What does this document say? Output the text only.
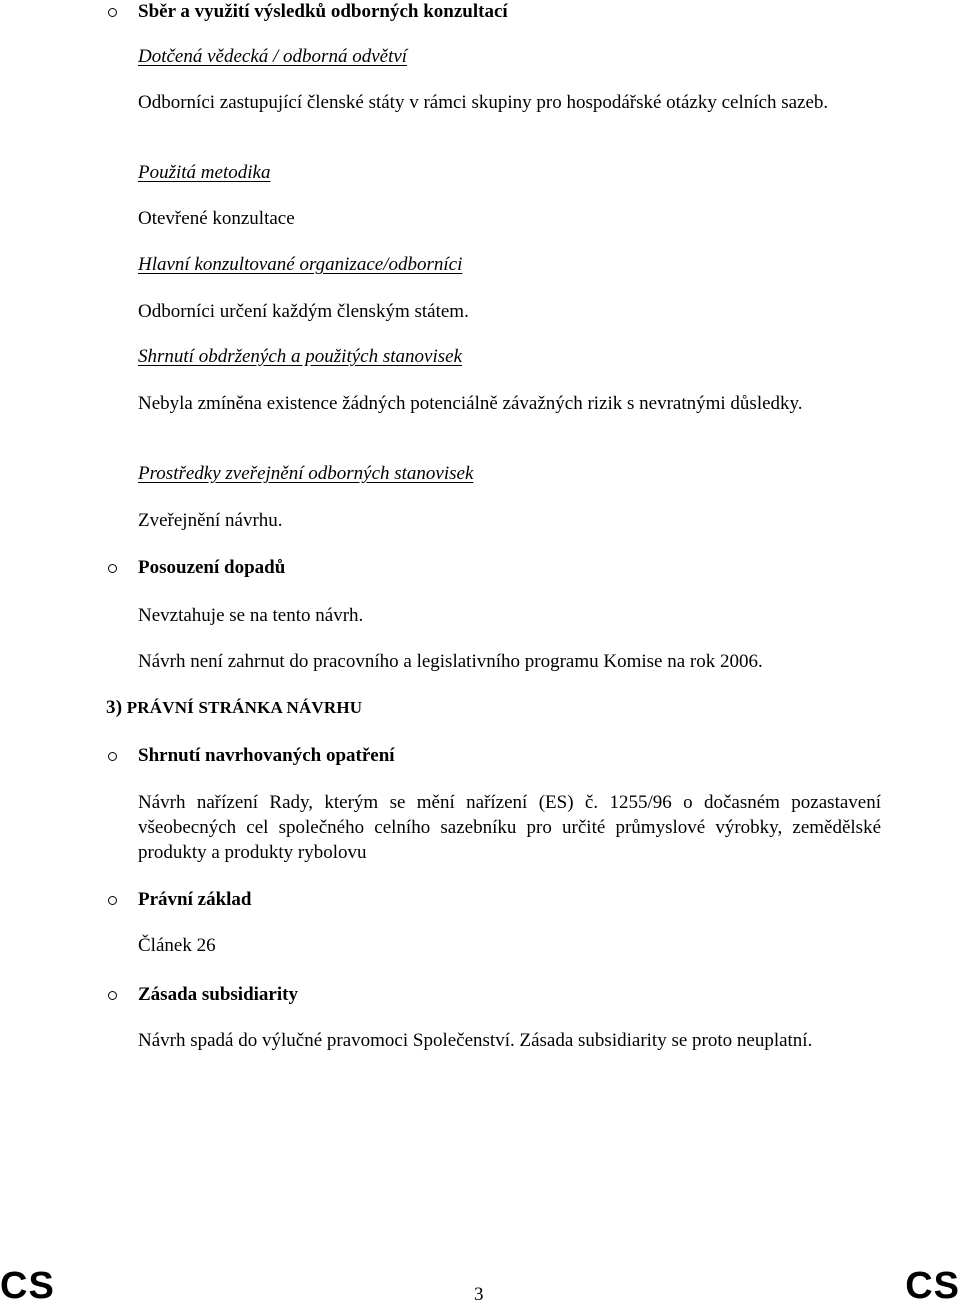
Sběr a využití výsledků odborných konzultací
Dotčená vědecká / odborná odvětví
Odborníci zastupující členské státy v rámci skupiny pro hospodářské otázky celních sazeb.
Použitá metodika
Otevřené konzultace
Hlavní konzultované organizace/odborníci
Odborníci určení každým členským státem.
Shrnutí obdržených a použitých stanovisek
Nebyla zmíněna existence žádných potenciálně závažných rizik s nevratnými důsledky.
Prostředky zveřejnění odborných stanovisek
Zveřejnění návrhu.
Posouzení dopadů
Nevztahuje se na tento návrh.
Návrh není zahrnut do pracovního a legislativního programu Komise na rok 2006.
3) PRÁVNÍ STRÁNKA NÁVRHU
Shrnutí navrhovaných opatření
Návrh nařízení Rady, kterým se mění nařízení (ES) č. 1255/96 o dočasném pozastavení všeobecných cel společného celního sazebníku pro určité průmyslové výrobky, zemědělské produkty a produkty rybolovu
Právní základ
Článek 26
Zásada subsidiarity
Návrh spadá do výlučné pravomoci Společenství. Zásada subsidiarity se proto neuplatní.
CS	3	CS
